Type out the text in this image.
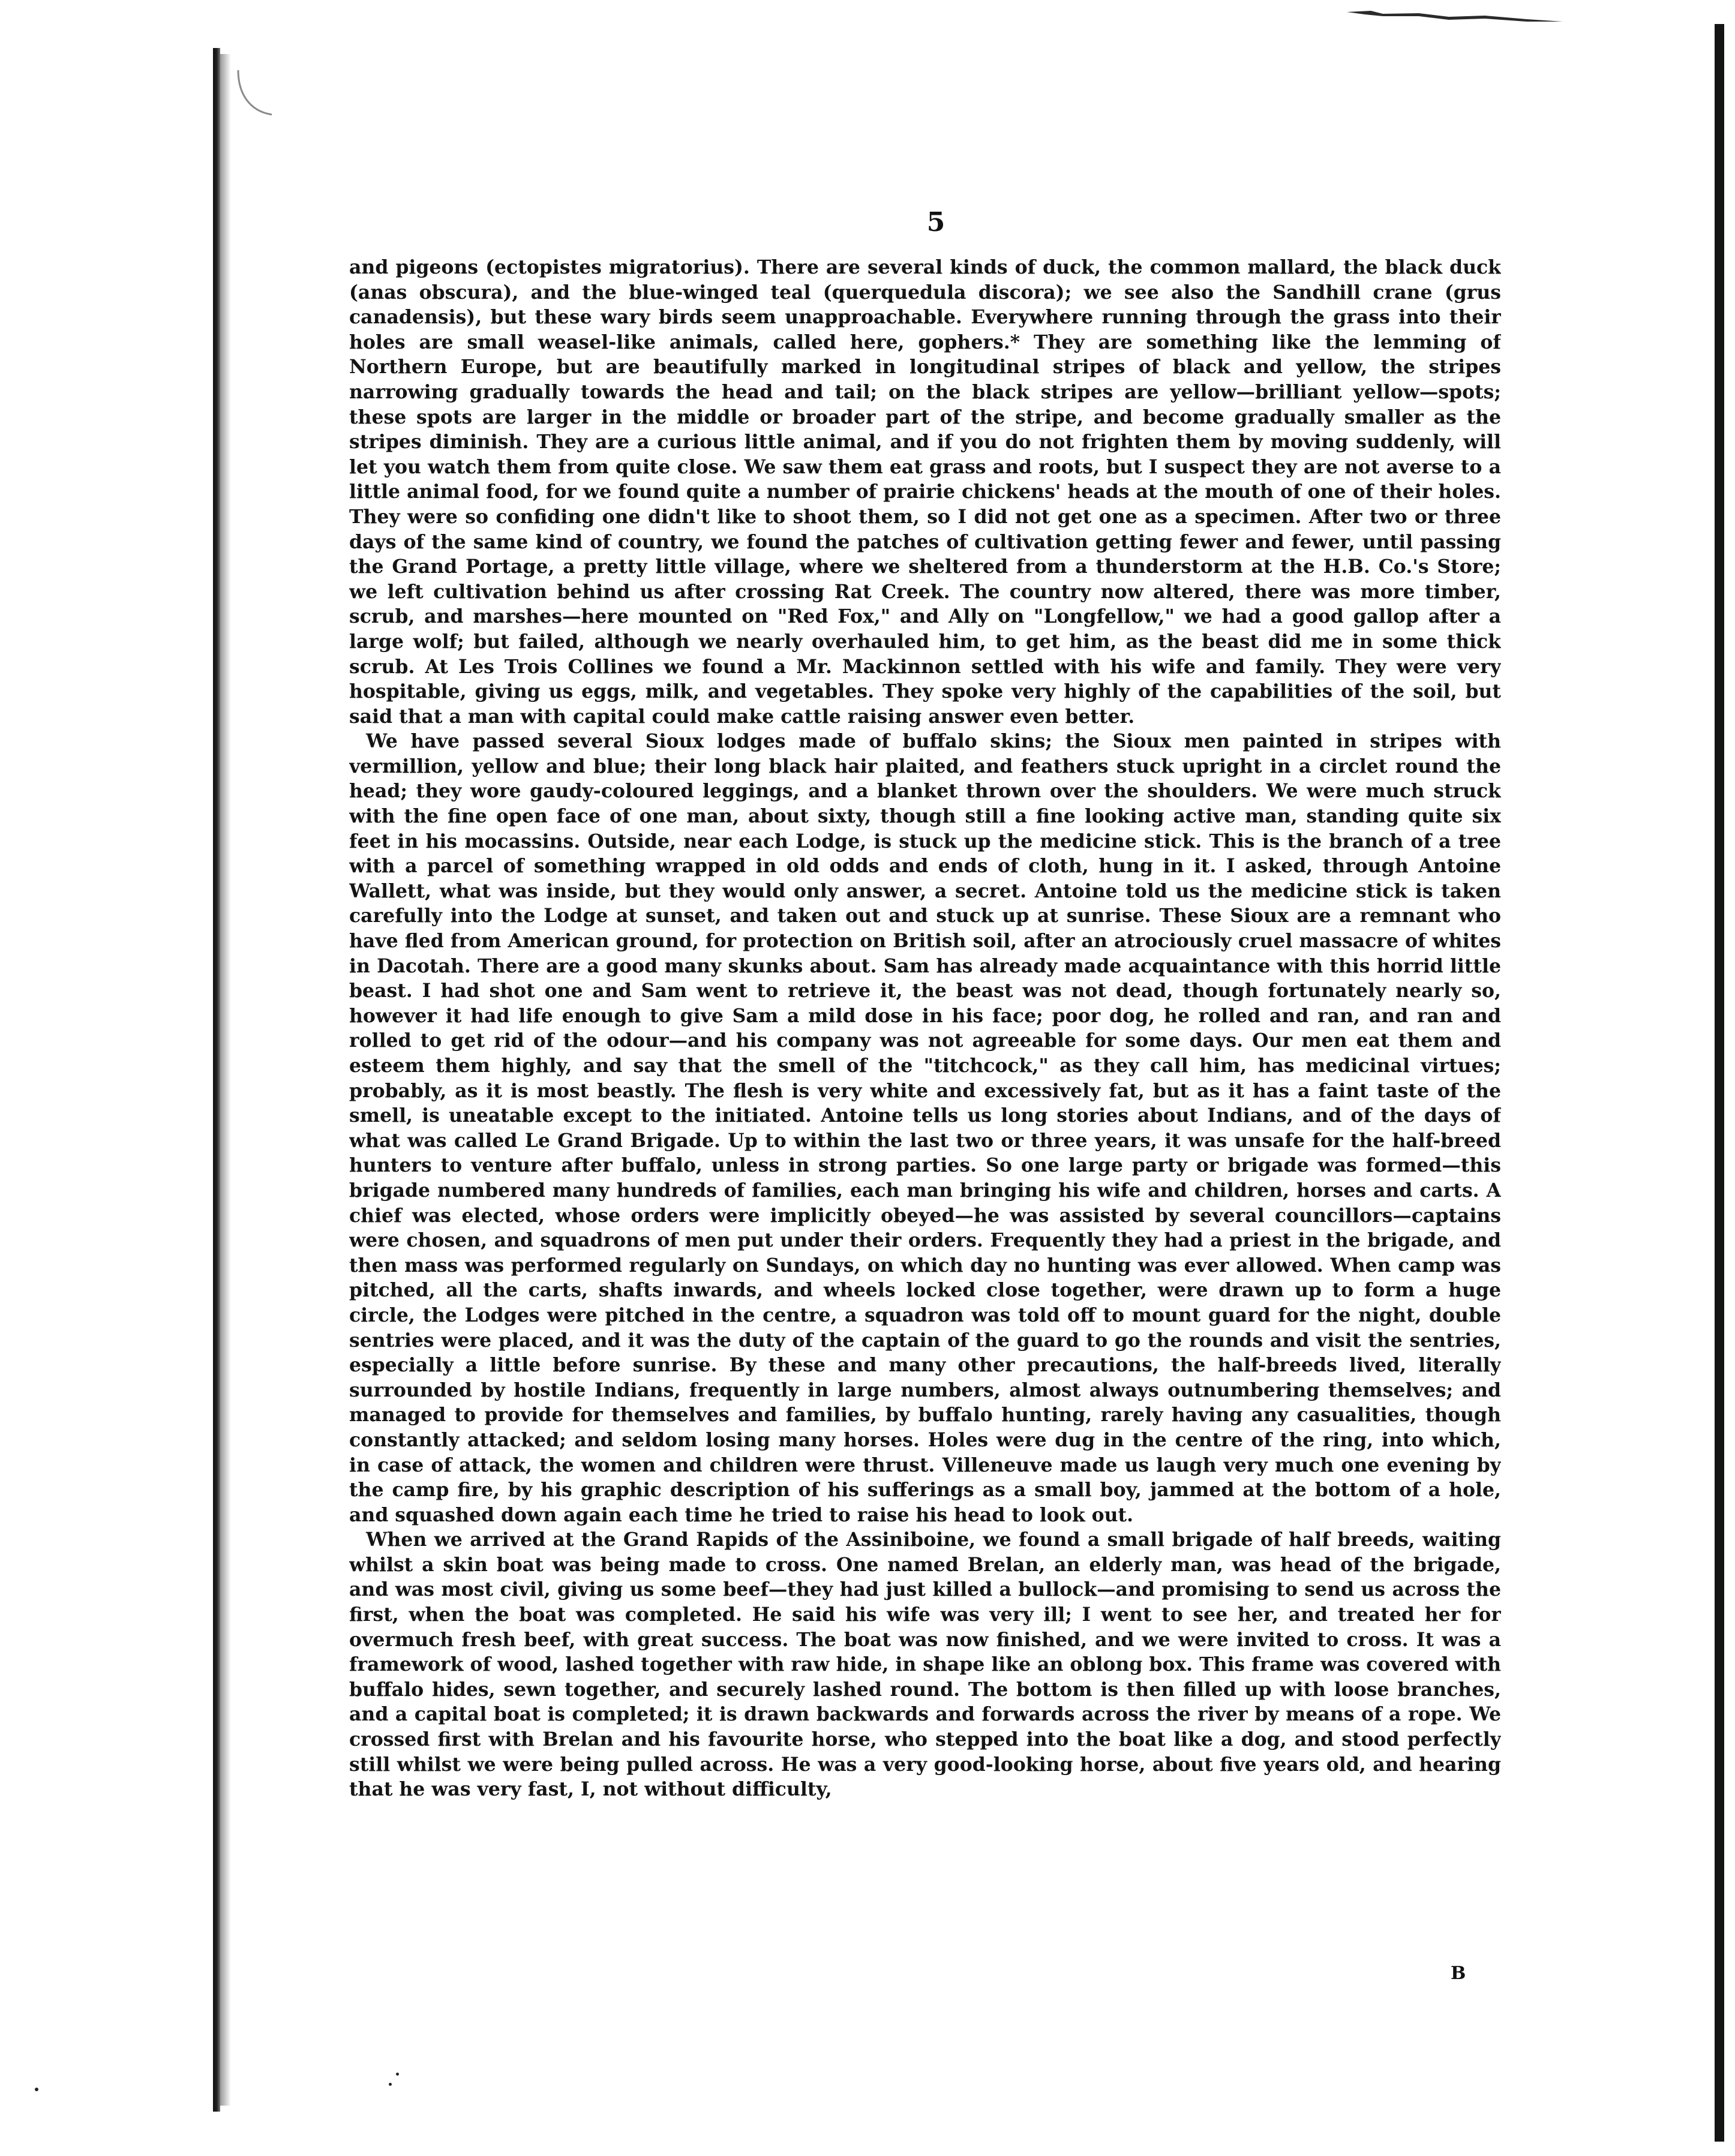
5

and pigeons (ectopistes migratorius). There are several kinds of duck, the common mallard, the black duck (anas obscura), and the blue-winged teal (querquedula discora); we see also the Sandhill crane (grus canadensis), but these wary birds seem unapproachable. Everywhere running through the grass into their holes are small weasel-like animals, called here, gophers.* They are something like the lemming of Northern Europe, but are beautifully marked in longitudinal stripes of black and yellow, the stripes narrowing gradually towards the head and tail; on the black stripes are yellow—brilliant yellow—spots; these spots are larger in the middle or broader part of the stripe, and become gradually smaller as the stripes diminish. They are a curious little animal, and if you do not frighten them by moving suddenly, will let you watch them from quite close. We saw them eat grass and roots, but I suspect they are not averse to a little animal food, for we found quite a number of prairie chickens' heads at the mouth of one of their holes. They were so confiding one didn't like to shoot them, so I did not get one as a specimen. After two or three days of the same kind of country, we found the patches of cultivation getting fewer and fewer, until passing the Grand Portage, a pretty little village, where we sheltered from a thunderstorm at the H.B. Co.'s Store; we left cultivation behind us after crossing Rat Creek. The country now altered, there was more timber, scrub, and marshes—here mounted on "Red Fox," and Ally on "Longfellow," we had a good gallop after a large wolf; but failed, although we nearly overhauled him, to get him, as the beast did me in some thick scrub. At Les Trois Collines we found a Mr. Mackinnon settled with his wife and family. They were very hospitable, giving us eggs, milk, and vegetables. They spoke very highly of the capabilities of the soil, but said that a man with capital could make cattle raising answer even better.

We have passed several Sioux lodges made of buffalo skins; the Sioux men painted in stripes with vermillion, yellow and blue; their long black hair plaited, and feathers stuck upright in a circlet round the head; they wore gaudy-coloured leggings, and a blanket thrown over the shoulders. We were much struck with the fine open face of one man, about sixty, though still a fine looking active man, standing quite six feet in his mocassins. Outside, near each Lodge, is stuck up the medicine stick. This is the branch of a tree with a parcel of something wrapped in old odds and ends of cloth, hung in it. I asked, through Antoine Wallett, what was inside, but they would only answer, a secret. Antoine told us the medicine stick is taken carefully into the Lodge at sunset, and taken out and stuck up at sunrise. These Sioux are a remnant who have fled from American ground, for protection on British soil, after an atrociously cruel massacre of whites in Dacotah. There are a good many skunks about. Sam has already made acquaintance with this horrid little beast. I had shot one and Sam went to retrieve it, the beast was not dead, though fortunately nearly so, however it had life enough to give Sam a mild dose in his face; poor dog, he rolled and ran, and ran and rolled to get rid of the odour—and his company was not agreeable for some days. Our men eat them and esteem them highly, and say that the smell of the "titchcock," as they call him, has medicinal virtues; probably, as it is most beastly. The flesh is very white and excessively fat, but as it has a faint taste of the smell, is uneatable except to the initiated. Antoine tells us long stories about Indians, and of the days of what was called Le Grand Brigade. Up to within the last two or three years, it was unsafe for the half-breed hunters to venture after buffalo, unless in strong parties. So one large party or brigade was formed—this brigade numbered many hundreds of families, each man bringing his wife and children, horses and carts. A chief was elected, whose orders were implicitly obeyed—he was assisted by several councillors—captains were chosen, and squadrons of men put under their orders. Frequently they had a priest in the brigade, and then mass was performed regularly on Sundays, on which day no hunting was ever allowed. When camp was pitched, all the carts, shafts inwards, and wheels locked close together, were drawn up to form a huge circle, the Lodges were pitched in the centre, a squadron was told off to mount guard for the night, double sentries were placed, and it was the duty of the captain of the guard to go the rounds and visit the sentries, especially a little before sunrise. By these and many other precautions, the half-breeds lived, literally surrounded by hostile Indians, frequently in large numbers, almost always outnumbering themselves; and managed to provide for themselves and families, by buffalo hunting, rarely having any casualities, though constantly attacked; and seldom losing many horses. Holes were dug in the centre of the ring, into which, in case of attack, the women and children were thrust. Villeneuve made us laugh very much one evening by the camp fire, by his graphic description of his sufferings as a small boy, jammed at the bottom of a hole, and squashed down again each time he tried to raise his head to look out.

When we arrived at the Grand Rapids of the Assiniboine, we found a small brigade of half breeds, waiting whilst a skin boat was being made to cross. One named Brelan, an elderly man, was head of the brigade, and was most civil, giving us some beef—they had just killed a bullock—and promising to send us across the first, when the boat was completed. He said his wife was very ill; I went to see her, and treated her for overmuch fresh beef, with great success. The boat was now finished, and we were invited to cross. It was a framework of wood, lashed together with raw hide, in shape like an oblong box. This frame was covered with buffalo hides, sewn together, and securely lashed round. The bottom is then filled up with loose branches, and a capital boat is completed; it is drawn backwards and forwards across the river by means of a rope. We crossed first with Brelan and his favourite horse, who stepped into the boat like a dog, and stood perfectly still whilst we were being pulled across. He was a very good-looking horse, about five years old, and hearing that he was very fast, I, not without difficulty,

B
